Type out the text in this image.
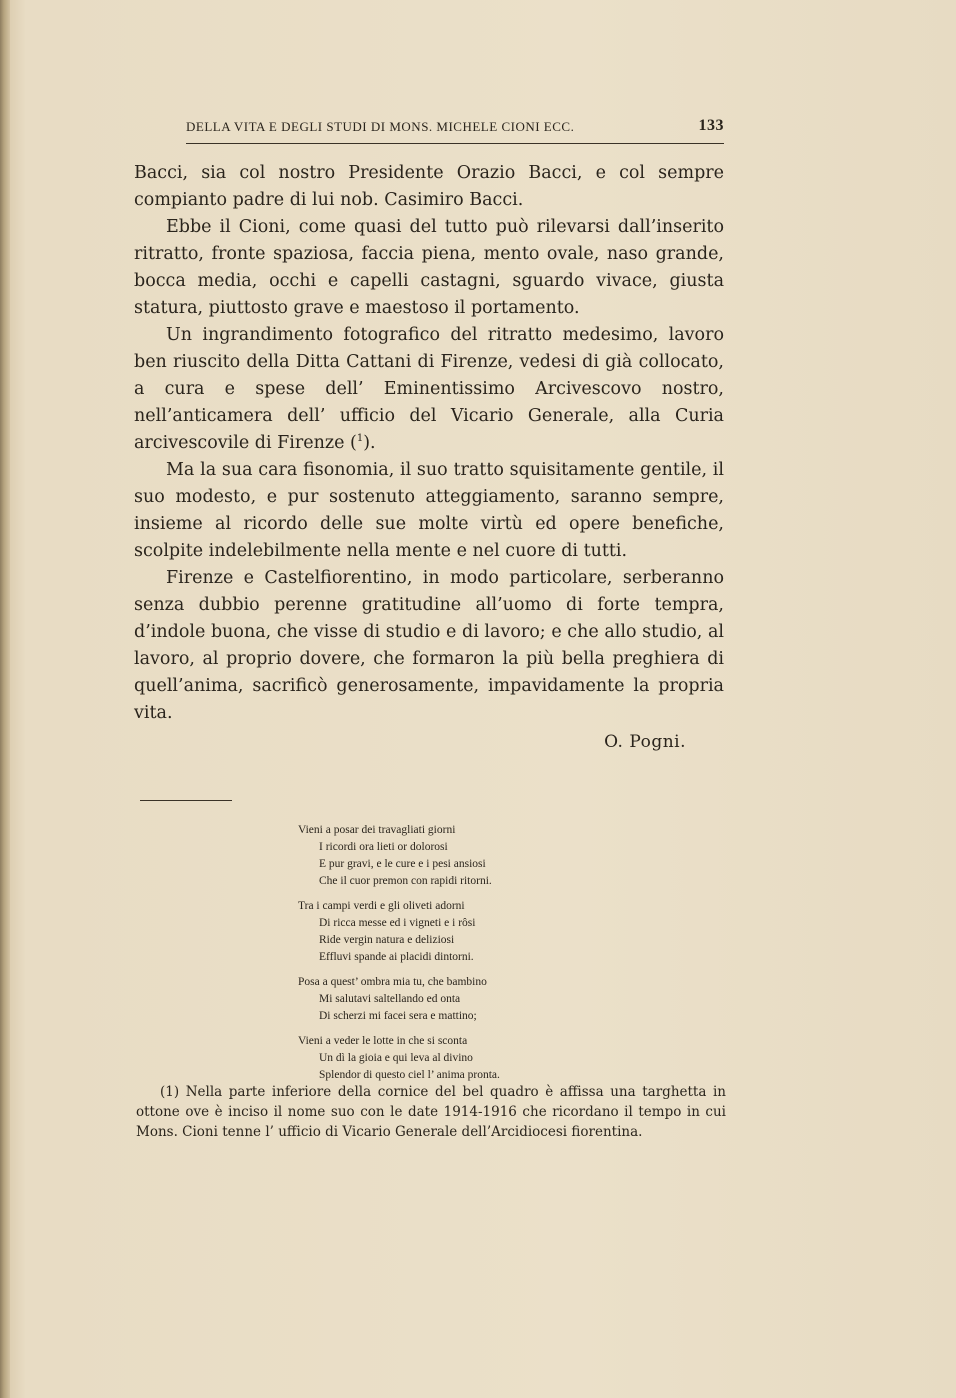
DELLA VITA E DEGLI STUDI DI MONS. MICHELE CIONI ECC.	133

Bacci, sia col nostro Presidente Orazio Bacci, e col sempre compianto padre di lui nob. Casimiro Bacci.

Ebbe il Cioni, come quasi del tutto può rilevarsi dall’inserito ritratto, fronte spaziosa, faccia piena, mento ovale, naso grande, bocca media, occhi e capelli castagni, sguardo vivace, giusta statura, piuttosto grave e maestoso il portamento.

Un ingrandimento fotografico del ritratto medesimo, lavoro ben riuscito della Ditta Cattani di Firenze, vedesi di già collocato, a cura e spese dell’ Eminentissimo Arcivescovo nostro, nell’anticamera dell’ ufficio del Vicario Generale, alla Curia arcivescovile di Firenze ($^1$).

Ma la sua cara fisonomia, il suo tratto squisitamente gentile, il suo modesto, e pur sostenuto atteggiamento, saranno sempre, insieme al ricordo delle sue molte virtù ed opere benefiche, scolpite indelebilmente nella mente e nel cuore di tutti.

Firenze e Castelfiorentino, in modo particolare, serberanno senza dubbio perenne gratitudine all’uomo di forte tempra, d’indole buona, che visse di studio e di lavoro; e che allo studio, al lavoro, al proprio dovere, che formaron la più bella preghiera di quell’anima, sacrificò generosamente, impavidamente la propria vita.

O. Pogni.
Vieni a posar dei travagliati giorni
I ricordi ora lieti or dolorosi
E pur gravi, e le cure e i pesi ansiosi
Che il cuor premon con rapidi ritorni.
Tra i campi verdi e gli oliveti adorni
Di ricca messe ed i vigneti e i rôsi
Ride vergin natura e deliziosi
Effluvi spande ai placidi dintorni.
Posa a quest’ ombra mia tu, che bambino
Mi salutavi saltellando ed onta
Di scherzi mi facei sera e mattino;
Vieni a veder le lotte in che si sconta
Un dì la gioia e qui leva al divino
Splendor di questo ciel l’ anima pronta.

(1) Nella parte inferiore della cornice del bel quadro è affissa una targhetta in ottone ove è inciso il nome suo con le date 1914-1916 che ricordano il tempo in cui Mons. Cioni tenne l’ ufficio di Vicario Generale dell’Arcidiocesi fiorentina.
